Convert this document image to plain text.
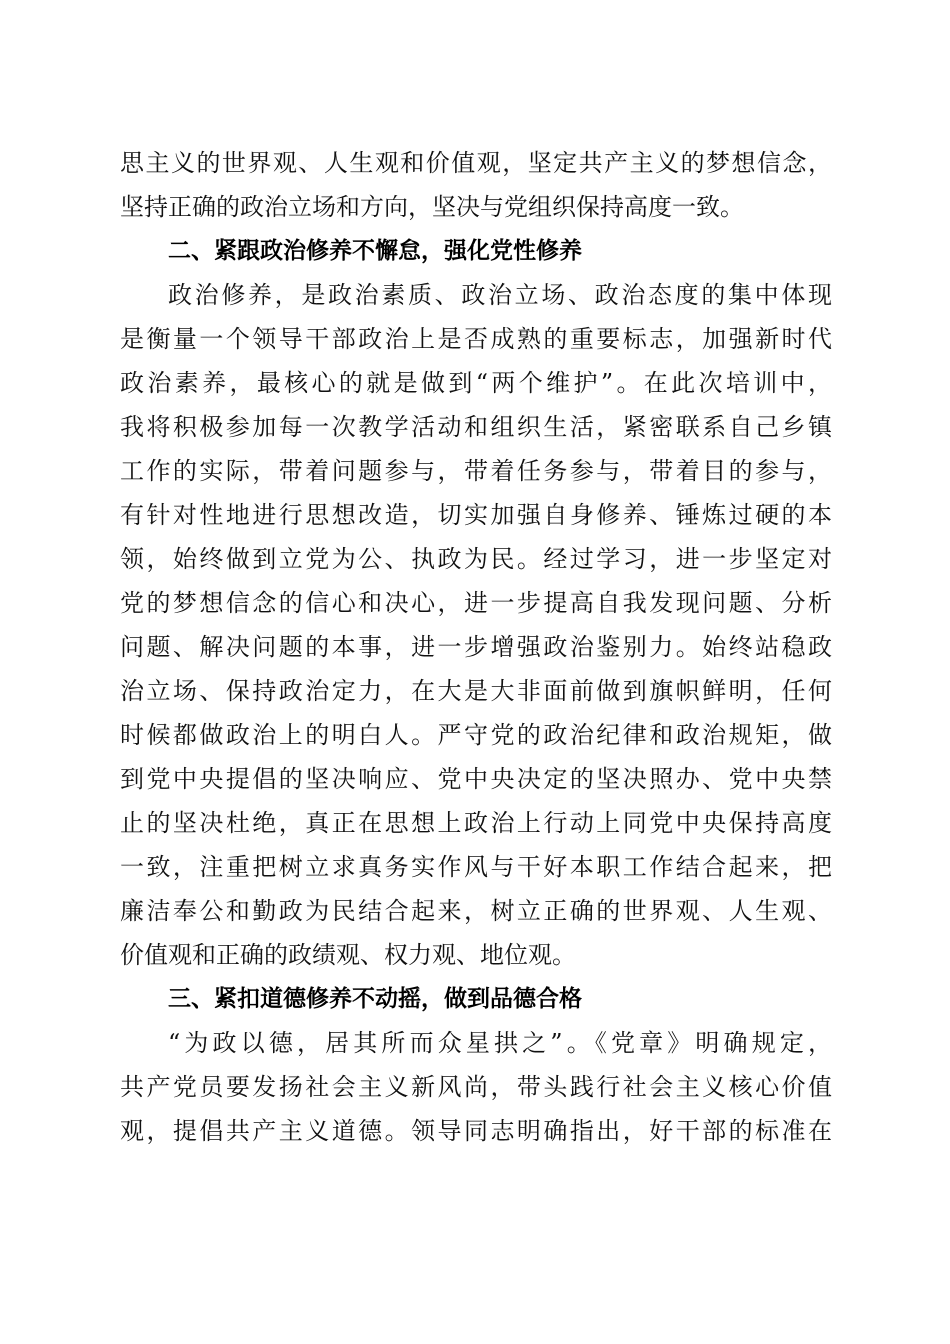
思主义的世界观、人生观和价值观，坚定共产主义的梦想信念，
坚持正确的政治立场和方向，坚决与党组织保持高度一致。
二、紧跟政治修养不懈怠，强化党性修养
政治修养，是政治素质、政治立场、政治态度的集中体现
是衡量一个领导干部政治上是否成熟的重要标志，加强新时代
政治素养，最核心的就是做到“两个维护”。在此次培训中，
我将积极参加每一次教学活动和组织生活，紧密联系自己乡镇
工作的实际，带着问题参与，带着任务参与，带着目的参与，
有针对性地进行思想改造，切实加强自身修养、锤炼过硬的本
领，始终做到立党为公、执政为民。经过学习，进一步坚定对
党的梦想信念的信心和决心，进一步提高自我发现问题、分析
问题、解决问题的本事，进一步增强政治鉴别力。始终站稳政
治立场、保持政治定力，在大是大非面前做到旗帜鲜明，任何
时候都做政治上的明白人。严守党的政治纪律和政治规矩，做
到党中央提倡的坚决响应、党中央决定的坚决照办、党中央禁
止的坚决杜绝，真正在思想上政治上行动上同党中央保持高度
一致，注重把树立求真务实作风与干好本职工作结合起来，把
廉洁奉公和勤政为民结合起来，树立正确的世界观、人生观、
价值观和正确的政绩观、权力观、地位观。
三、紧扣道德修养不动摇，做到品德合格
“为政以德，居其所而众星拱之”。《党章》明确规定，
共产党员要发扬社会主义新风尚，带头践行社会主义核心价值
观，提倡共产主义道德。领导同志明确指出，好干部的标准在
